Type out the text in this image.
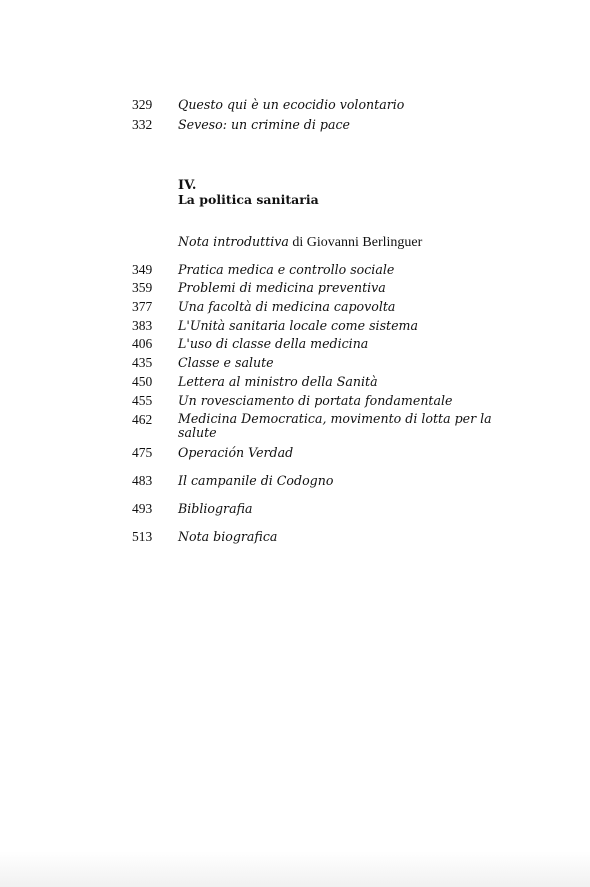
329	Questo qui è un ecocidio volontario
332	Seveso: un crimine di pace
IV.
La politica sanitaria
Nota introduttiva di Giovanni Berlinguer
349	Pratica medica e controllo sociale
359	Problemi di medicina preventiva
377	Una facoltà di medicina capovolta
383	L'Unità sanitaria locale come sistema
406	L'uso di classe della medicina
435	Classe e salute
450	Lettera al ministro della Sanità
455	Un rovesciamento di portata fondamentale
462	Medicina Democratica, movimento di lotta per la salute
475	Operación Verdad
483	Il campanile di Codogno
493	Bibliografia
513	Nota biografica
